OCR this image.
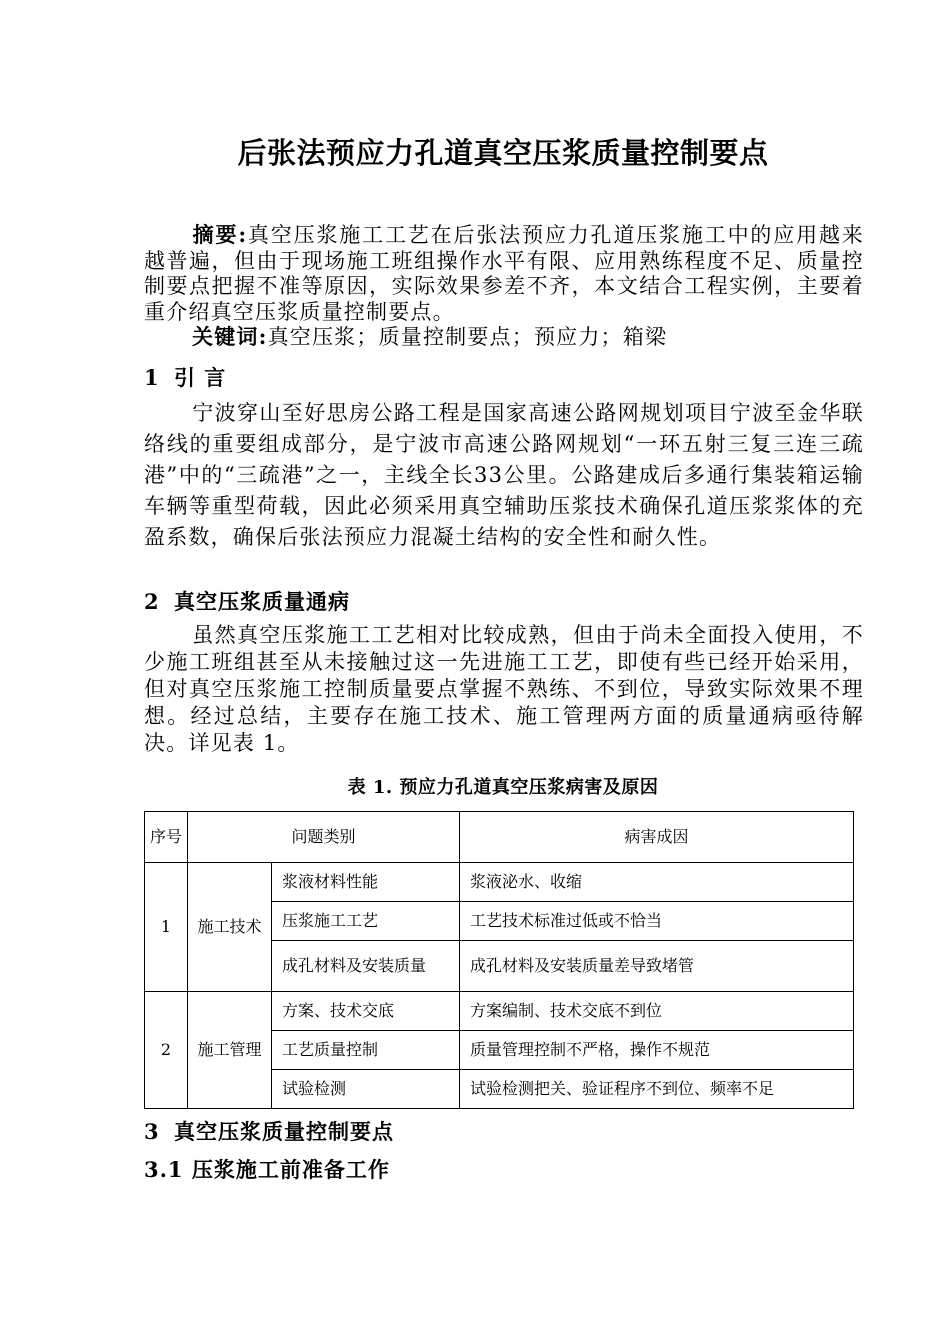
后张法预应力孔道真空压浆质量控制要点

摘要:真空压浆施工工艺在后张法预应力孔道压浆施工中的应用越来越普遍，但由于现场施工班组操作水平有限、应用熟练程度不足、质量控制要点把握不准等原因，实际效果参差不齐，本文结合工程实例，主要着重介绍真空压浆质量控制要点。

关键词:真空压浆；质量控制要点；预应力；箱梁

1 引 言

宁波穿山至好思房公路工程是国家高速公路网规划项目宁波至金华联络线的重要组成部分，是宁波市高速公路网规划“一环五射三复三连三疏港”中的“三疏港”之一，主线全长33公里。公路建成后多通行集装箱运输车辆等重型荷载，因此必须采用真空辅助压浆技术确保孔道压浆浆体的充盈系数，确保后张法预应力混凝土结构的安全性和耐久性。

2 真空压浆质量通病

虽然真空压浆施工工艺相对比较成熟，但由于尚未全面投入使用，不少施工班组甚至从未接触过这一先进施工工艺，即使有些已经开始采用，但对真空压浆施工控制质量要点掌握不熟练、不到位，导致实际效果不理想。经过总结，主要存在施工技术、施工管理两方面的质量通病亟待解决。详见表 1。

表 1. 预应力孔道真空压浆病害及原因
序号	问题类别		病害成因
1	施工技术	浆液材料性能	浆液泌水、收缩
		压浆施工工艺	工艺技术标准过低或不恰当
		成孔材料及安装质量	成孔材料及安装质量差导致堵管
2	施工管理	方案、技术交底	方案编制、技术交底不到位
		工艺质量控制	质量管理控制不严格，操作不规范
		试验检测	试验检测把关、验证程序不到位、频率不足
3 真空压浆质量控制要点
3.1 压浆施工前准备工作
